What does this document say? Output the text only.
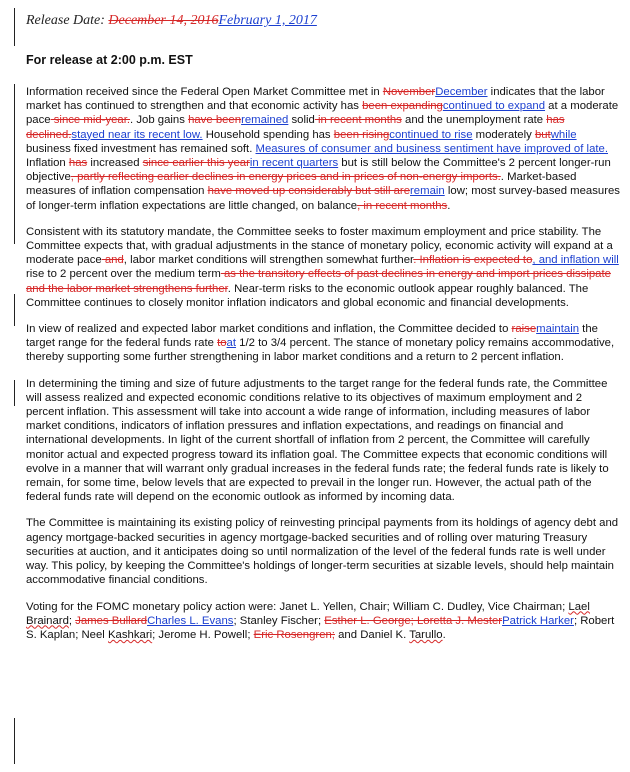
Release Date: December 14, 2016February 1, 2017
For release at 2:00 p.m. EST

Information received since the Federal Open Market Committee met in NovemberDecember indicates that the labor market has continued to strengthen and that economic activity has been expandingcontinued to expand at a moderate pace since mid-year.. Job gains have beenremained solid in recent months and the unemployment rate has declined.stayed near its recent low. Household spending has been risingcontinued to rise moderately butwhile business fixed investment has remained soft. Measures of consumer and business sentiment have improved of late. Inflation has increased since earlier this yearin recent quarters but is still below the Committee's 2 percent longer-run objective, partly reflecting earlier declines in energy prices and in prices of non-energy imports.. Market-based measures of inflation compensation have moved up considerably but still areremain low; most survey-based measures of longer-term inflation expectations are little changed, on balance, in recent months.

Consistent with its statutory mandate, the Committee seeks to foster maximum employment and price stability. The Committee expects that, with gradual adjustments in the stance of monetary policy, economic activity will expand at a moderate pace and, labor market conditions will strengthen somewhat further. Inflation is expected to, and inflation will rise to 2 percent over the medium term as the transitory effects of past declines in energy and import prices dissipate and the labor market strengthens further. Near-term risks to the economic outlook appear roughly balanced. The Committee continues to closely monitor inflation indicators and global economic and financial developments.

In view of realized and expected labor market conditions and inflation, the Committee decided to raisemaintain the target range for the federal funds rate toat 1/2 to 3/4 percent. The stance of monetary policy remains accommodative, thereby supporting some further strengthening in labor market conditions and a return to 2 percent inflation.

In determining the timing and size of future adjustments to the target range for the federal funds rate, the Committee will assess realized and expected economic conditions relative to its objectives of maximum employment and 2 percent inflation. This assessment will take into account a wide range of information, including measures of labor market conditions, indicators of inflation pressures and inflation expectations, and readings on financial and international developments. In light of the current shortfall of inflation from 2 percent, the Committee will carefully monitor actual and expected progress toward its inflation goal. The Committee expects that economic conditions will evolve in a manner that will warrant only gradual increases in the federal funds rate; the federal funds rate is likely to remain, for some time, below levels that are expected to prevail in the longer run. However, the actual path of the federal funds rate will depend on the economic outlook as informed by incoming data.

The Committee is maintaining its existing policy of reinvesting principal payments from its holdings of agency debt and agency mortgage-backed securities in agency mortgage-backed securities and of rolling over maturing Treasury securities at auction, and it anticipates doing so until normalization of the level of the federal funds rate is well under way. This policy, by keeping the Committee's holdings of longer-term securities at sizable levels, should help maintain accommodative financial conditions.

Voting for the FOMC monetary policy action were: Janet L. Yellen, Chair; William C. Dudley, Vice Chairman; Lael Brainard; James BullardCharles L. Evans; Stanley Fischer; Esther L. George; Loretta J. MesterPatrick Harker; Robert S. Kaplan; Neel Kashkari; Jerome H. Powell; Eric Rosengren; and Daniel K. Tarullo.
